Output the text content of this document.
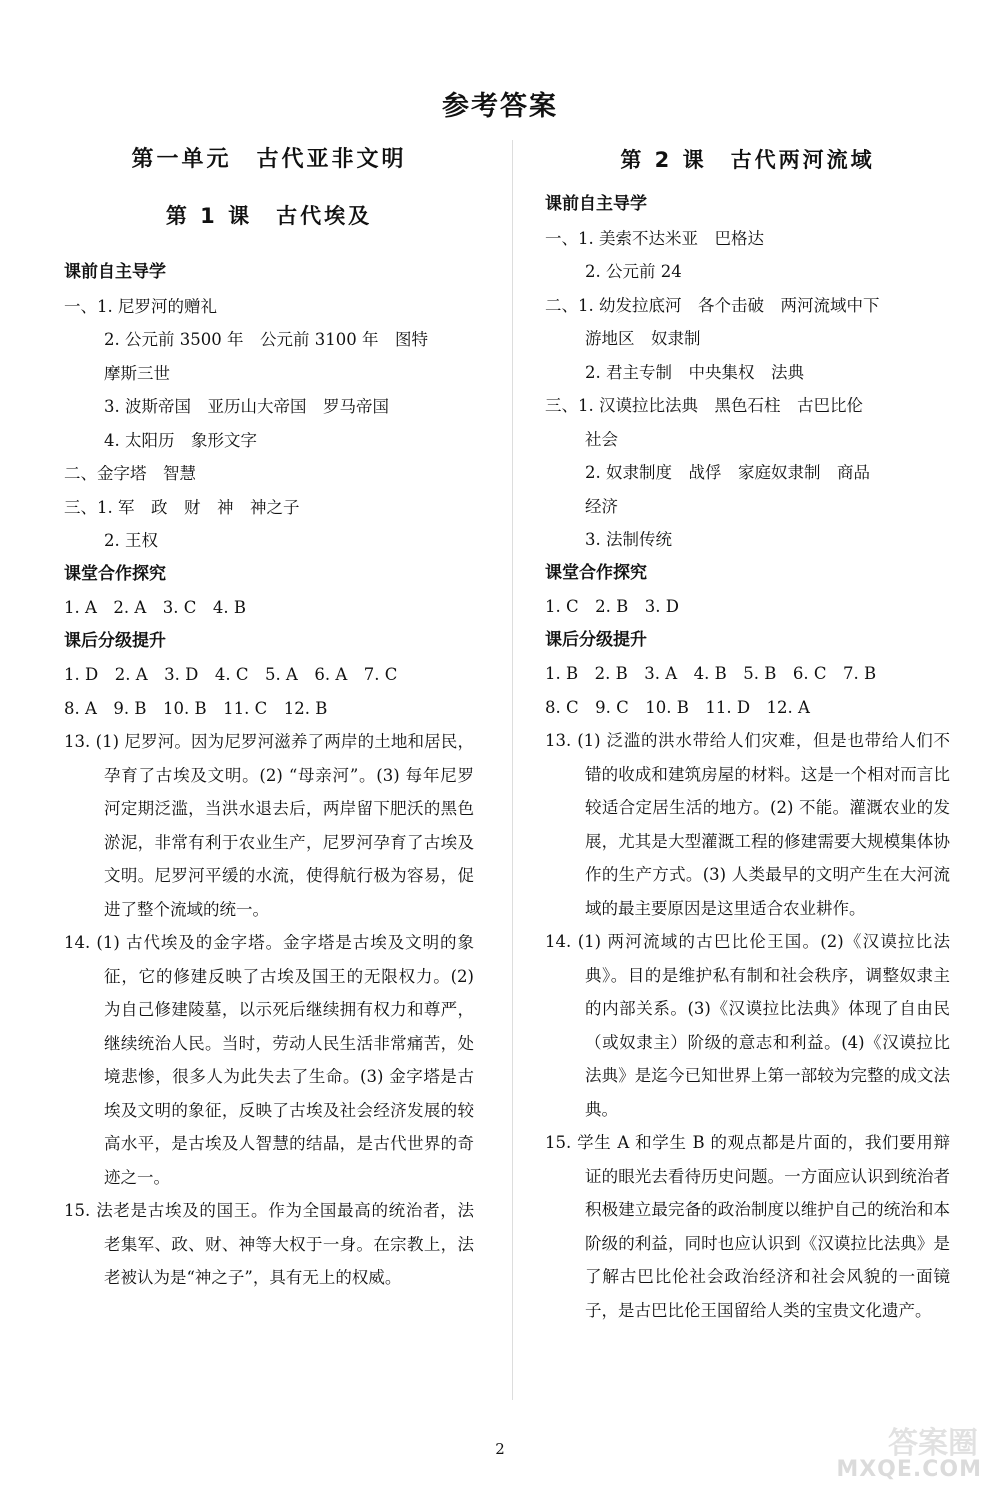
参考答案
第一单元　古代亚非文明
第 1 课　古代埃及
课前自主导学
一、1. 尼罗河的赠礼
2. 公元前 3500 年　公元前 3100 年　图特
摩斯三世
3. 波斯帝国　亚历山大帝国　罗马帝国
4. 太阳历　象形文字
二、金字塔　智慧
三、1. 军　政　财　神　神之子
2. 王权
课堂合作探究
1. A　2. A　3. C　4. B
课后分级提升
1. D　2. A　3. D　4. C　5. A　6. A　7. C
8. A　9. B　10. B　11. C　12. B
13. (1) 尼罗河。因为尼罗河滋养了两岸的土地和居民，孕育了古埃及文明。(2) “母亲河”。(3) 每年尼罗河定期泛滥，当洪水退去后，两岸留下肥沃的黑色淤泥，非常有利于农业生产，尼罗河孕育了古埃及文明。尼罗河平缓的水流，使得航行极为容易，促进了整个流域的统一。
14. (1) 古代埃及的金字塔。金字塔是古埃及文明的象征，它的修建反映了古埃及国王的无限权力。(2) 为自己修建陵墓，以示死后继续拥有权力和尊严，继续统治人民。当时，劳动人民生活非常痛苦，处境悲惨，很多人为此失去了生命。(3) 金字塔是古埃及文明的象征，反映了古埃及社会经济发展的较高水平，是古埃及人智慧的结晶，是古代世界的奇迹之一。
15. 法老是古埃及的国王。作为全国最高的统治者，法老集军、政、财、神等大权于一身。在宗教上，法老被认为是“神之子”，具有无上的权威。
第 2 课　古代两河流域
课前自主导学
一、1. 美索不达米亚　巴格达
2. 公元前 24
二、1. 幼发拉底河　各个击破　两河流域中下
游地区　奴隶制
2. 君主专制　中央集权　法典
三、1. 汉谟拉比法典　黑色石柱　古巴比伦
社会
2. 奴隶制度　战俘　家庭奴隶制　商品
经济
3. 法制传统
课堂合作探究
1. C　2. B　3. D
课后分级提升
1. B　2. B　3. A　4. B　5. B　6. C　7. B
8. C　9. C　10. B　11. D　12. A
13. (1) 泛滥的洪水带给人们灾难，但是也带给人们不错的收成和建筑房屋的材料。这是一个相对而言比较适合定居生活的地方。(2) 不能。灌溉农业的发展，尤其是大型灌溉工程的修建需要大规模集体协作的生产方式。(3) 人类最早的文明产生在大河流域的最主要原因是这里适合农业耕作。
14. (1) 两河流域的古巴比伦王国。(2)《汉谟拉比法典》。目的是维护私有制和社会秩序，调整奴隶主的内部关系。(3)《汉谟拉比法典》体现了自由民（或奴隶主）阶级的意志和利益。(4)《汉谟拉比法典》是迄今已知世界上第一部较为完整的成文法典。
15. 学生 A 和学生 B 的观点都是片面的，我们要用辩证的眼光去看待历史问题。一方面应认识到统治者积极建立最完备的政治制度以维护自己的统治和本阶级的利益，同时也应认识到《汉谟拉比法典》是了解古巴比伦社会政治经济和社会风貌的一面镜子，是古巴比伦王国留给人类的宝贵文化遗产。
2	答案圈
MXQE.COM
